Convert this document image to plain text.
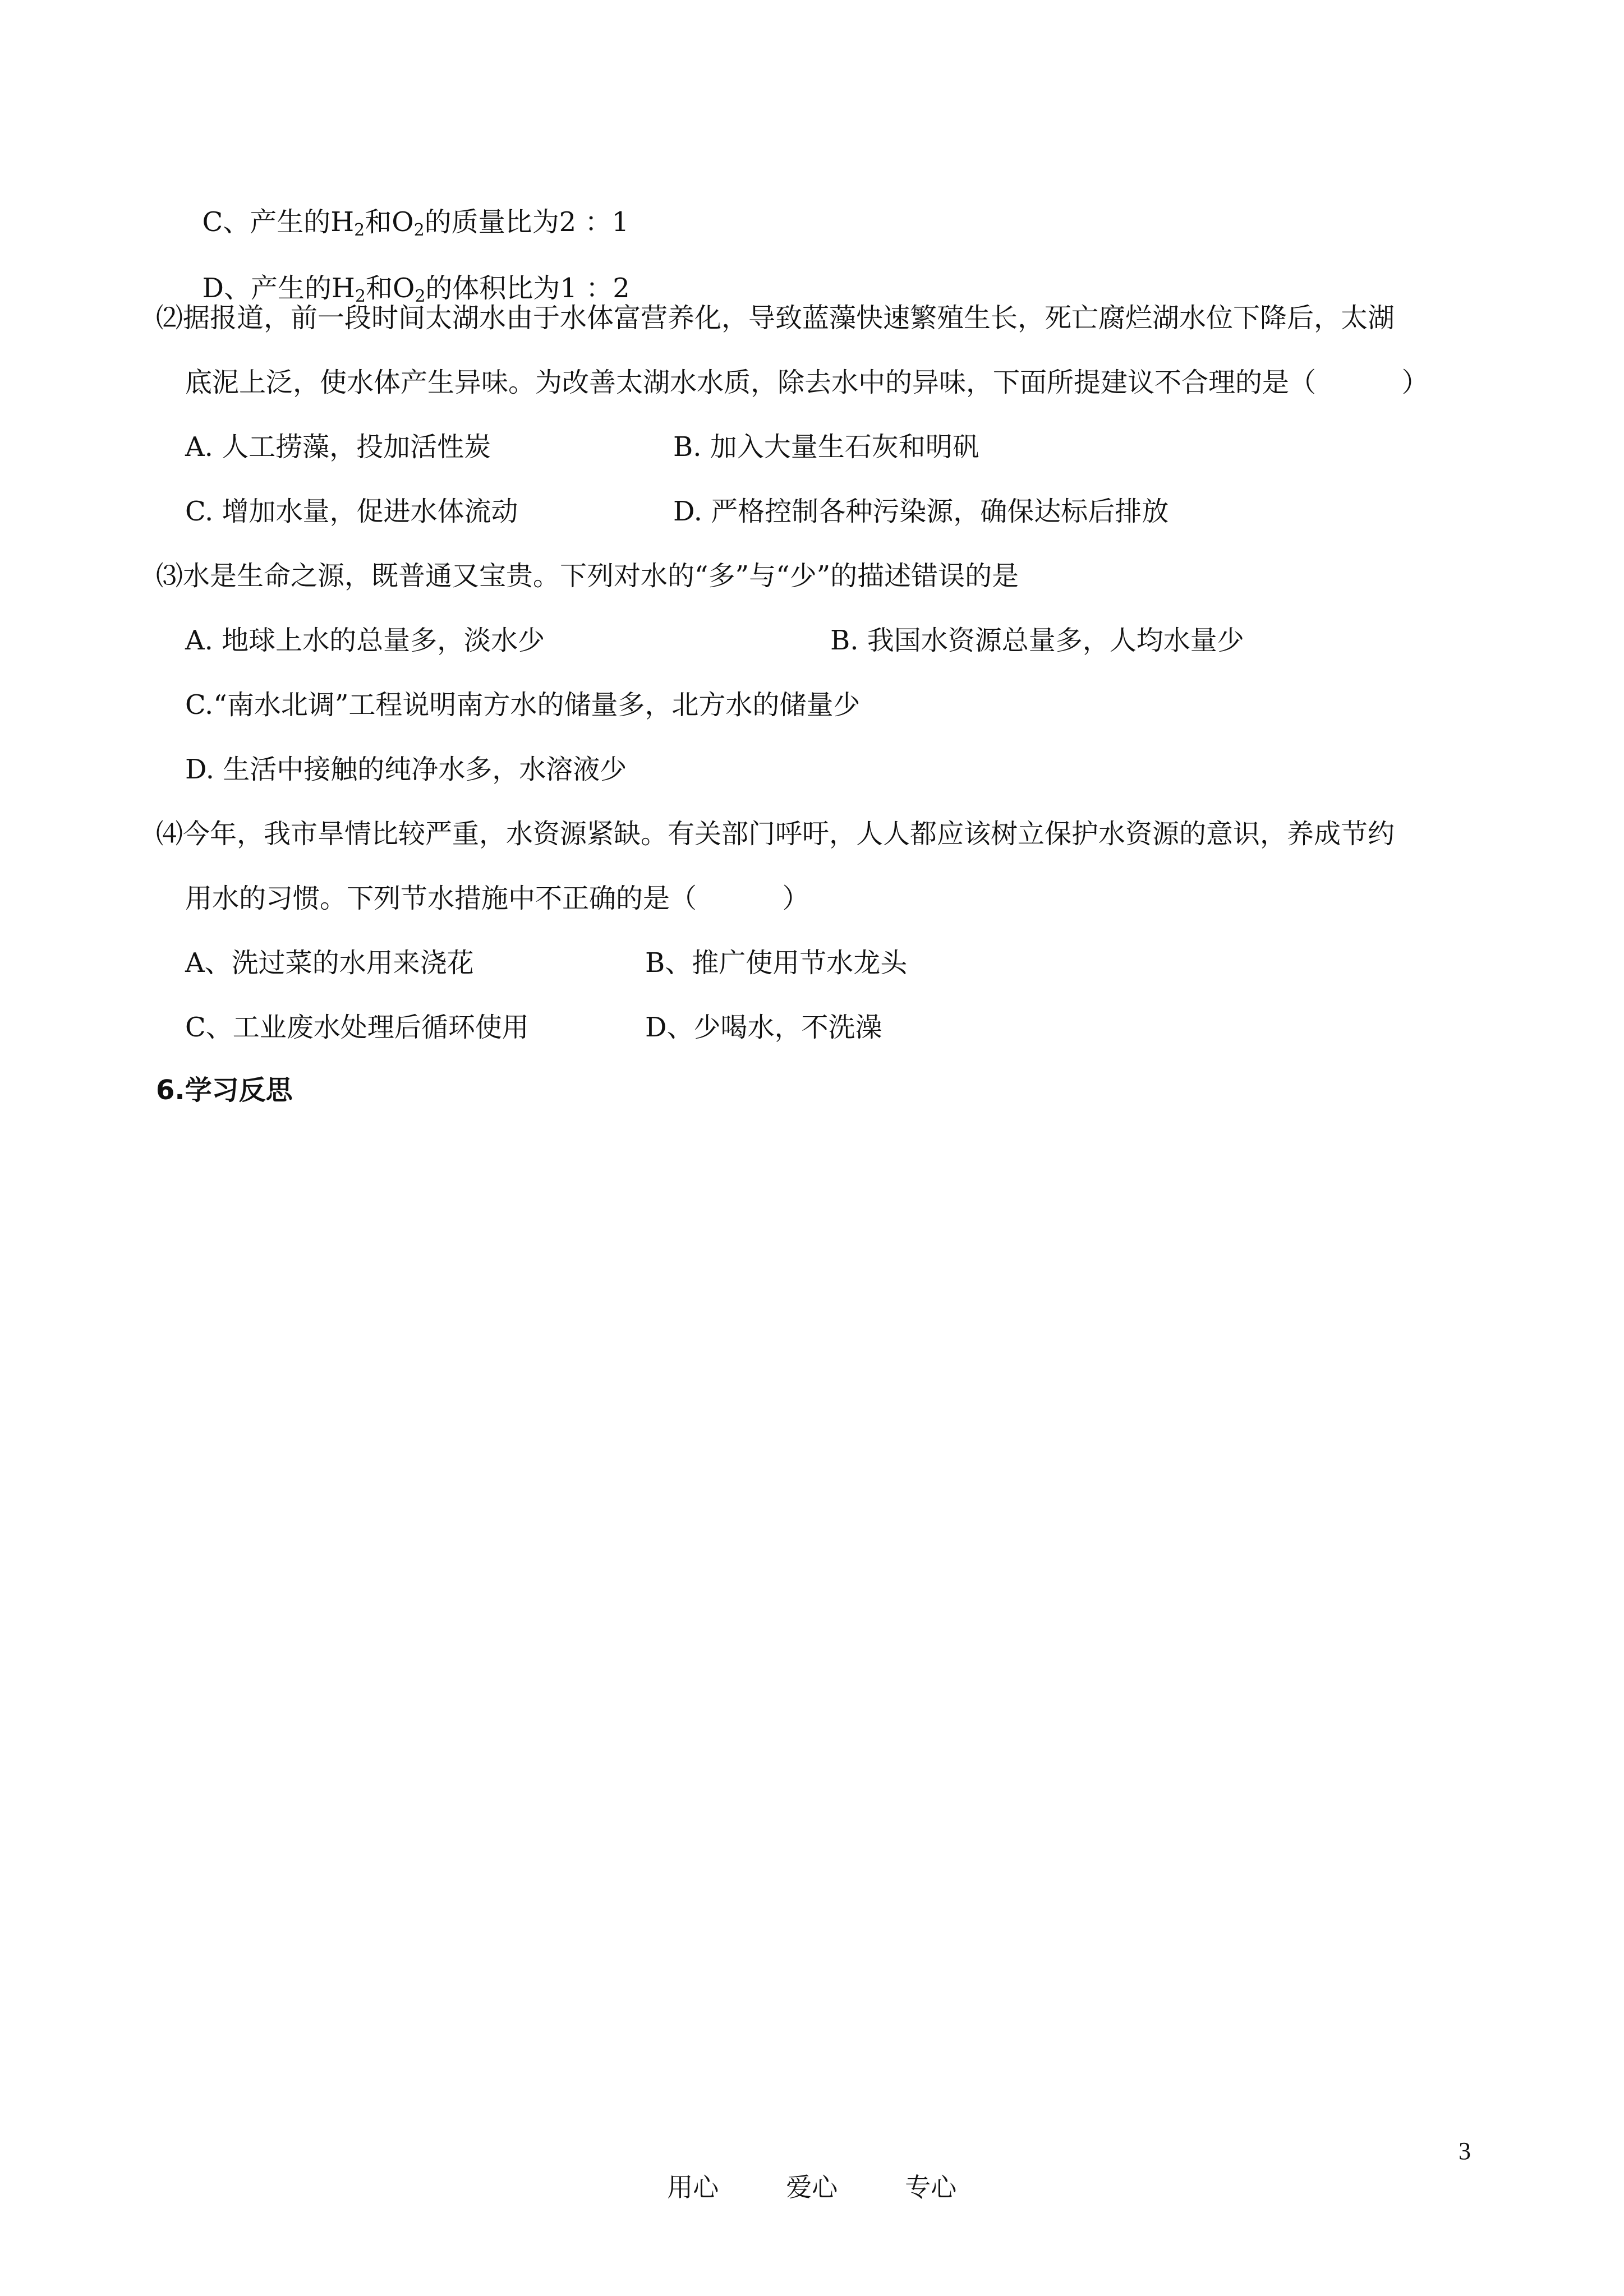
C、产生的$H_2$和$O_2$的质量比为2 ：1

D、产生的$H_2$和$O_2$的体积比为1 ：2

⑵据报道，前一段时间太湖水由于水体富营养化，导致蓝藻快速繁殖生长，死亡腐烂湖水位下降后，太湖
底泥上泛，使水体产生异味。为改善太湖水水质，除去水中的异味，下面所提建议不合理的是（          ）
A. 人工捞藻，投加活性炭	B. 加入大量生石灰和明矾
C. 增加水量，促进水体流动	D. 严格控制各种污染源，确保达标后排放
⑶水是生命之源，既普通又宝贵。下列对水的“多”与“少”的描述错误的是
A. 地球上水的总量多，淡水少	B. 我国水资源总量多，人均水量少
C.“南水北调”工程说明南方水的储量多，北方水的储量少
D. 生活中接触的纯净水多，水溶液少
⑷今年，我市旱情比较严重，水资源紧缺。有关部门呼吁，人人都应该树立保护水资源的意识，养成节约
用水的习惯。下列节水措施中不正确的是（          ）
A、洗过菜的水用来浇花	B、推广使用节水龙头
C、工业废水处理后循环使用	D、少喝水，不洗澡
6.学习反思

用心	爱心	专心

3
